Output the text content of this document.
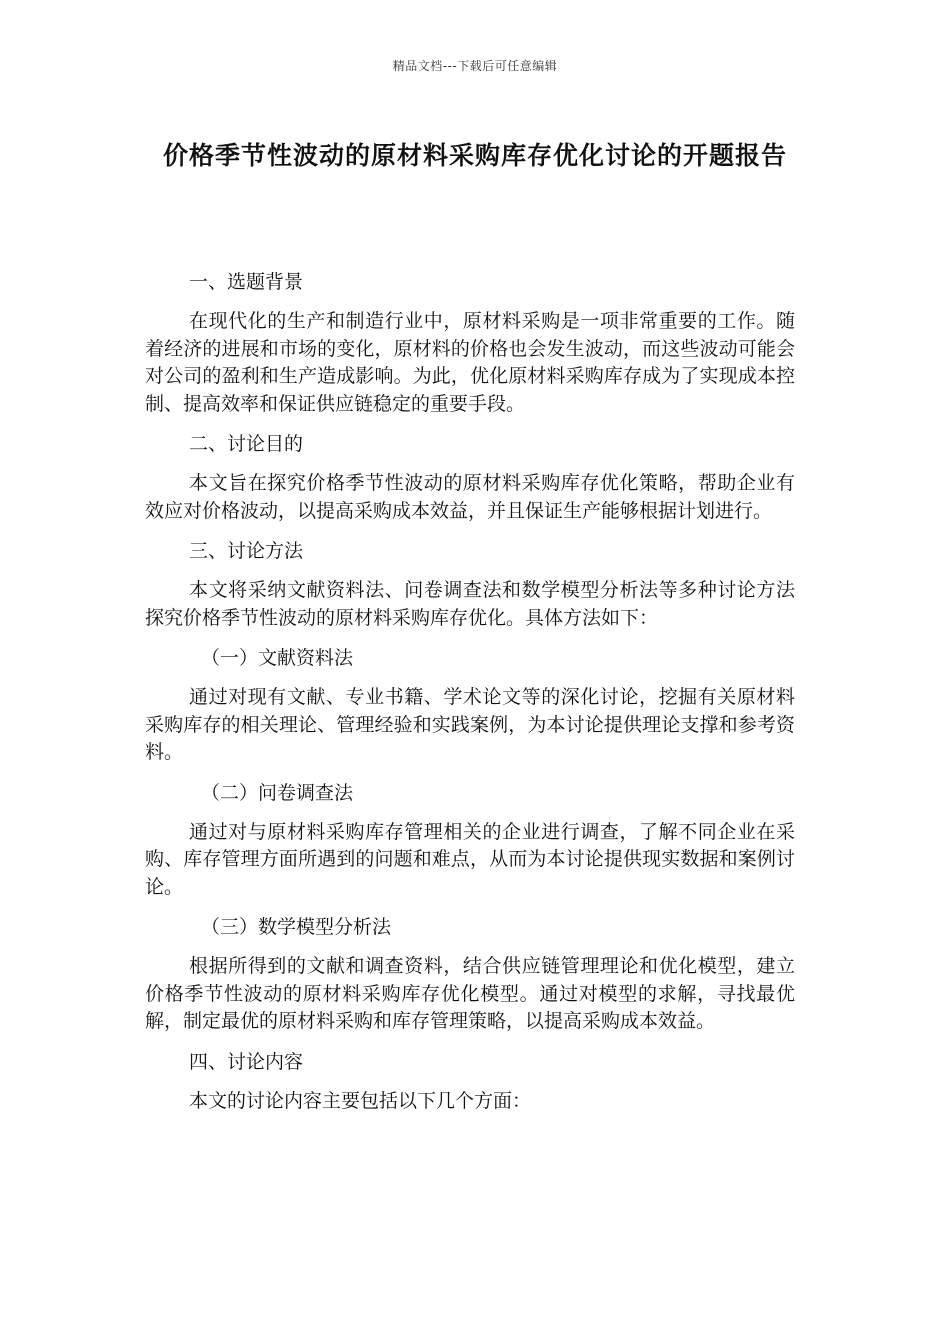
精品文档---下载后可任意编辑
价格季节性波动的原材料采购库存优化讨论的开题报告

一、选题背景

在现代化的生产和制造行业中，原材料采购是一项非常重要的工作。随着经济的进展和市场的变化，原材料的价格也会发生波动，而这些波动可能会对公司的盈利和生产造成影响。为此，优化原材料采购库存成为了实现成本控制、提高效率和保证供应链稳定的重要手段。

二、讨论目的

本文旨在探究价格季节性波动的原材料采购库存优化策略，帮助企业有效应对价格波动，以提高采购成本效益，并且保证生产能够根据计划进行。

三、讨论方法

本文将采纳文献资料法、问卷调查法和数学模型分析法等多种讨论方法探究价格季节性波动的原材料采购库存优化。具体方法如下：

（一）文献资料法

通过对现有文献、专业书籍、学术论文等的深化讨论，挖掘有关原材料采购库存的相关理论、管理经验和实践案例，为本讨论提供理论支撑和参考资料。

（二）问卷调查法

通过对与原材料采购库存管理相关的企业进行调查，了解不同企业在采购、库存管理方面所遇到的问题和难点，从而为本讨论提供现实数据和案例讨论。

（三）数学模型分析法

根据所得到的文献和调查资料，结合供应链管理理论和优化模型，建立价格季节性波动的原材料采购库存优化模型。通过对模型的求解，寻找最优解，制定最优的原材料采购和库存管理策略，以提高采购成本效益。

四、讨论内容

本文的讨论内容主要包括以下几个方面：
